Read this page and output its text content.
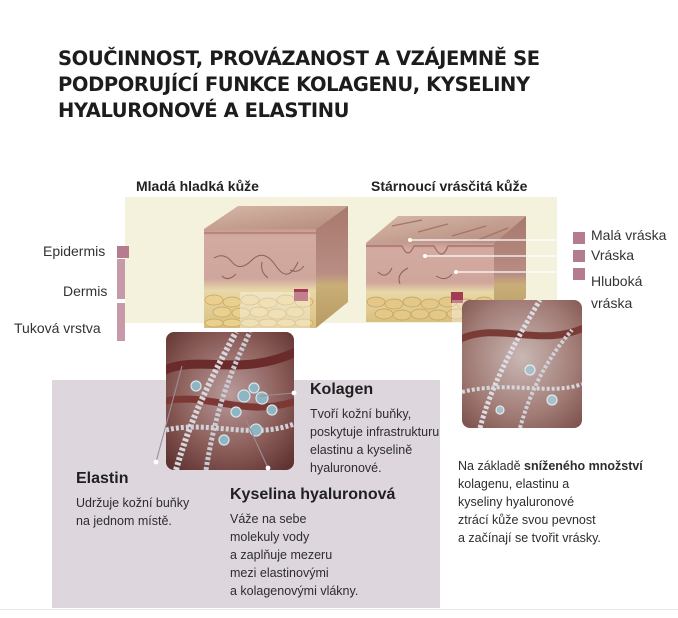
SOUČINNOST, PROVÁZANOST A VZÁJEMNĚ SE
PODPORUJÍCÍ FUNKCE KOLAGENU, KYSELINY
HYALURONOVÉ A ELASTINU
Mladá hladká kůže	Stárnoucí vrásčitá kůže
Epidermis
Dermis
Tuková vrstva
Malá vráska
Vráska
Hluboká
vráska
Kolagen
Tvoří kožní buňky,
poskytuje infrastrukturu
elastinu a kyselině
hyaluronové.
Elastin
Udržuje kožní buňky
na jednom místě.
Kyselina hyaluronová
Váže na sebe
molekuly vody
a zaplňuje mezeru
mezi elastinovými
a kolagenovými vlákny.
Na základě sníženého množství
kolagenu, elastinu a
kyseliny hyaluronové
ztrácí kůže svou pevnost
a začínají se tvořit vrásky.
